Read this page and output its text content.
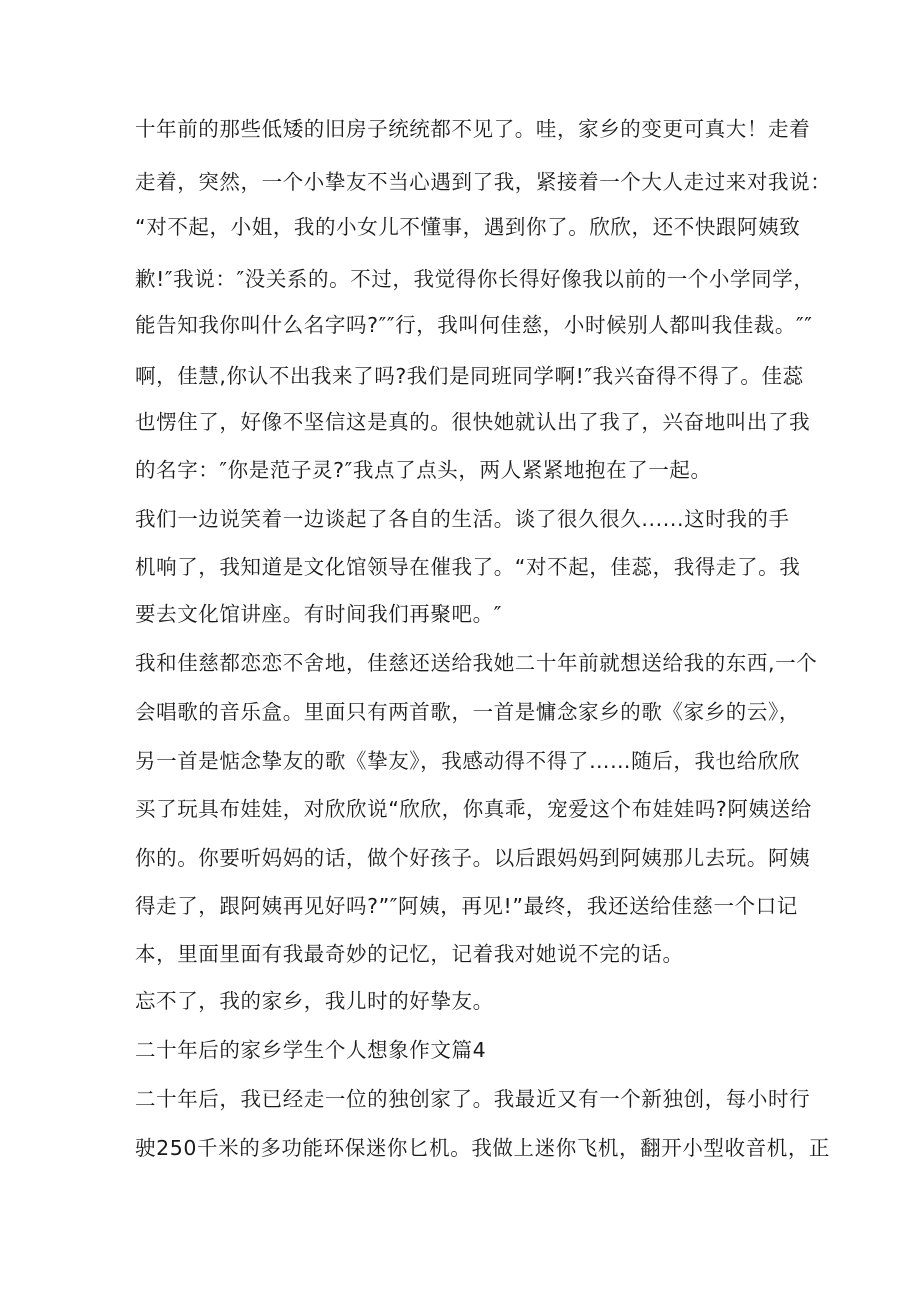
十年前的那些低矮的旧房子统统都不见了。哇，家乡的变更可真大！走着

走着，突然，一个小挚友不当心遇到了我，紧接着一个大人走过来对我说：

“对不起，小姐，我的小女儿不懂事，遇到你了。欣欣，还不快跟阿姨致

歉!″我说：″没关系的。不过，我觉得你长得好像我以前的一个小学同学，

能告知我你叫什么名字吗?″″行，我叫何佳慈，小时候别人都叫我佳裁。″″

啊，佳慧,你认不出我来了吗?我们是同班同学啊!″我兴奋得不得了。佳蕊

也愣住了，好像不坚信这是真的。很快她就认出了我了，兴奋地叫出了我

的名字：″你是范子灵?″我点了点头，两人紧紧地抱在了一起。

我们一边说笑着一边谈起了各自的生活。谈了很久很久......这时我的手

机响了，我知道是文化馆领导在催我了。“对不起，佳蕊，我得走了。我

要去文化馆讲座。有时间我们再聚吧。″

我和佳慈都恋恋不舍地，佳慈还送给我她二十年前就想送给我的东西,一个

会唱歌的音乐盒。里面只有两首歌，一首是慵念家乡的歌《家乡的云》，

另一首是惦念挚友的歌《挚友》，我感动得不得了……随后，我也给欣欣

买了玩具布娃娃，对欣欣说“欣欣，你真乖，宠爱这个布娃娃吗?阿姨送给

你的。你要听妈妈的话，做个好孩子。以后跟妈妈到阿姨那儿去玩。阿姨

得走了，跟阿姨再见好吗?”″阿姨，再见!”最终，我还送给佳慈一个口记

本，里面里面有我最奇妙的记忆，记着我对她说不完的话。

忘不了，我的家乡，我儿时的好挚友。

二十年后的家乡学生个人想象作文篇4

二十年后，我已经走一位的独创家了。我最近又有一个新独创，每小时行

驶250千米的多功能环保迷你匕机。我做上迷你飞机，翻开小型收音机，正
